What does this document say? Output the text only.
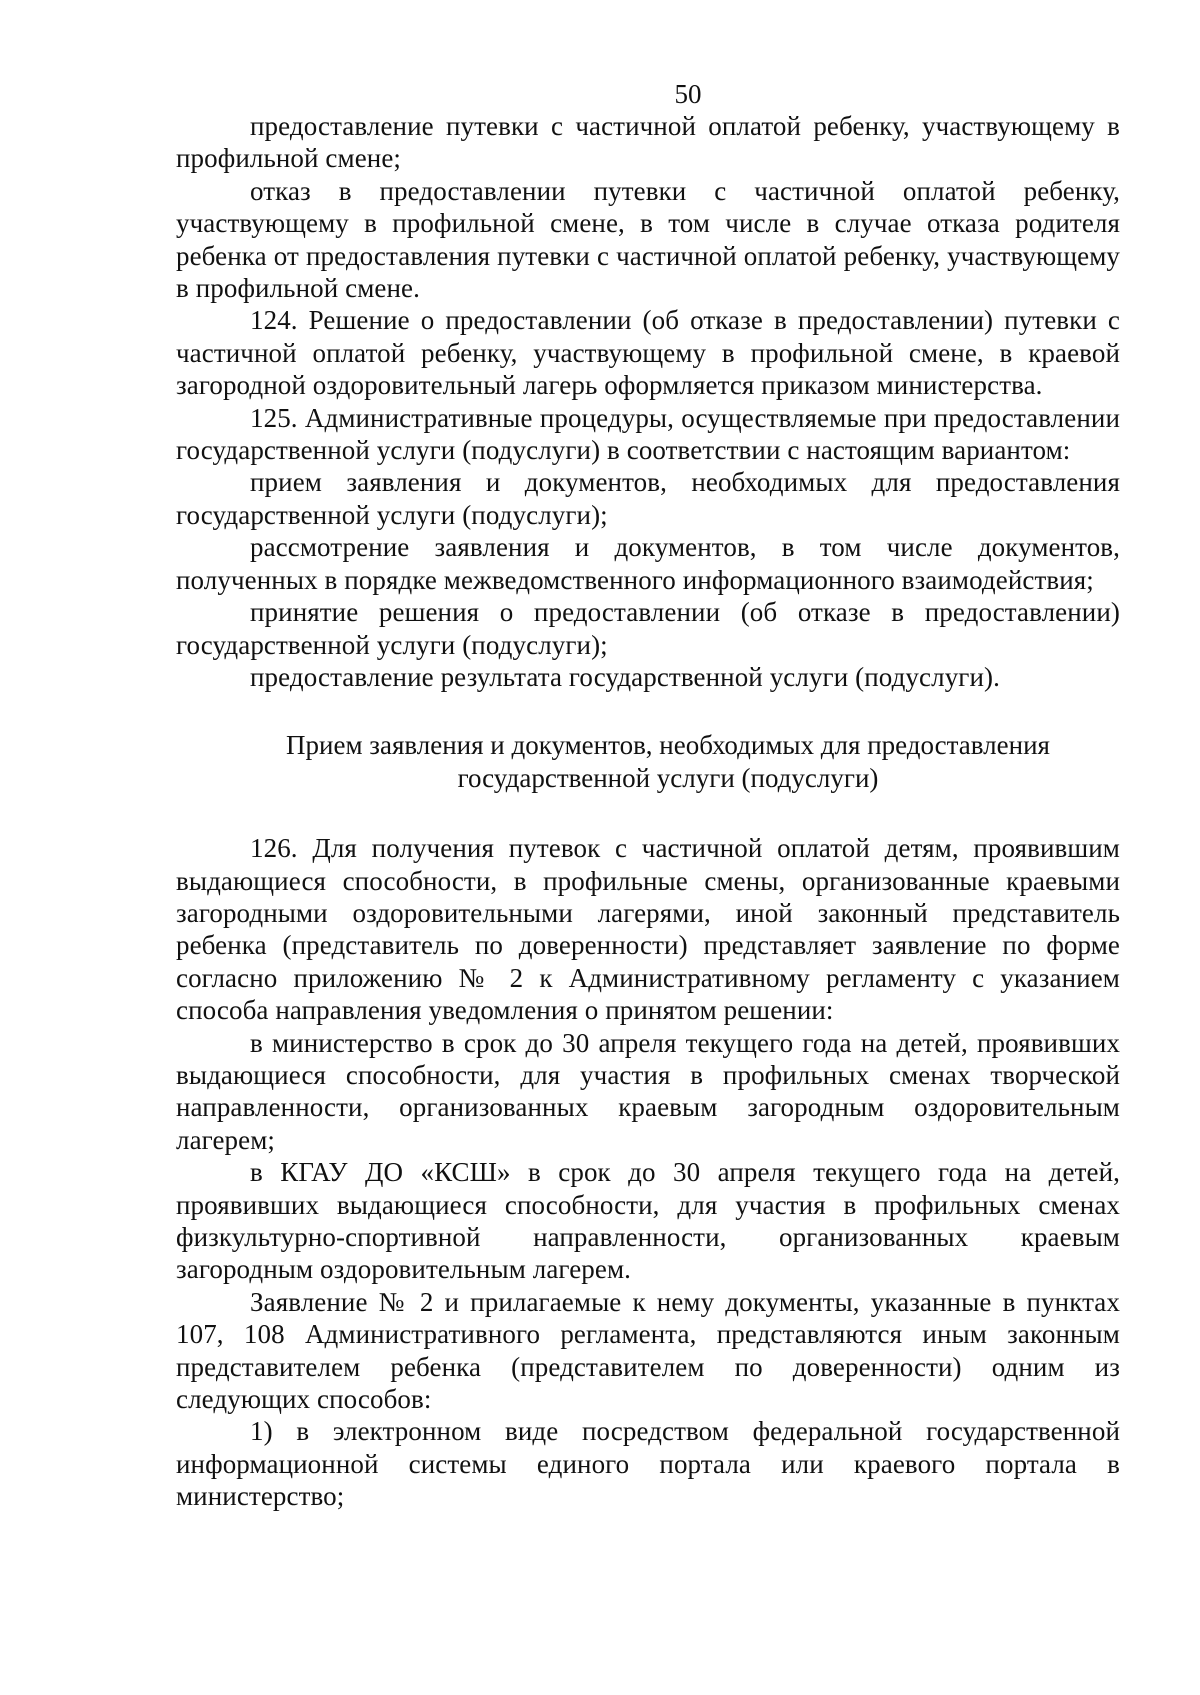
50

предоставление путевки с частичной оплатой ребенку, участвующему в профильной смене;

отказ в предоставлении путевки с частичной оплатой ребенку, участвующему в профильной смене, в том числе в случае отказа родителя ребенка от предоставления путевки с частичной оплатой ребенку, участвующему в профильной смене.

124. Решение о предоставлении (об отказе в предоставлении) путевки с частичной оплатой ребенку, участвующему в профильной смене, в краевой загородной оздоровительный лагерь оформляется приказом министерства.

125. Административные процедуры, осуществляемые при предоставлении государственной услуги (подуслуги) в соответствии с настоящим вариантом:

прием заявления и документов, необходимых для предоставления государственной услуги (подуслуги);

рассмотрение заявления и документов, в том числе документов, полученных в порядке межведомственного информационного взаимодействия;

принятие решения о предоставлении (об отказе в предоставлении) государственной услуги (подуслуги);

предоставление результата государственной услуги (подуслуги).

Прием заявления и документов, необходимых для предоставления
государственной услуги (подуслуги)

126. Для получения путевок с частичной оплатой детям, проявившим выдающиеся способности, в профильные смены, организованные краевыми загородными оздоровительными лагерями, иной законный представитель ребенка (представитель по доверенности) представляет заявление по форме согласно приложению № 2 к Административному регламенту с указанием способа направления уведомления о принятом решении:

в министерство в срок до 30 апреля текущего года на детей, проявивших выдающиеся способности, для участия в профильных сменах творческой направленности, организованных краевым загородным оздоровительным лагерем;

в КГАУ ДО «КСШ» в срок до 30 апреля текущего года на детей, проявивших выдающиеся способности, для участия в профильных сменах физкультурно-спортивной направленности, организованных краевым загородным оздоровительным лагерем.

Заявление № 2 и прилагаемые к нему документы, указанные в пунктах 107, 108 Административного регламента, представляются иным законным представителем ребенка (представителем по доверенности) одним из следующих способов:

1) в электронном виде посредством федеральной государственной информационной системы единого портала или краевого портала в министерство;
